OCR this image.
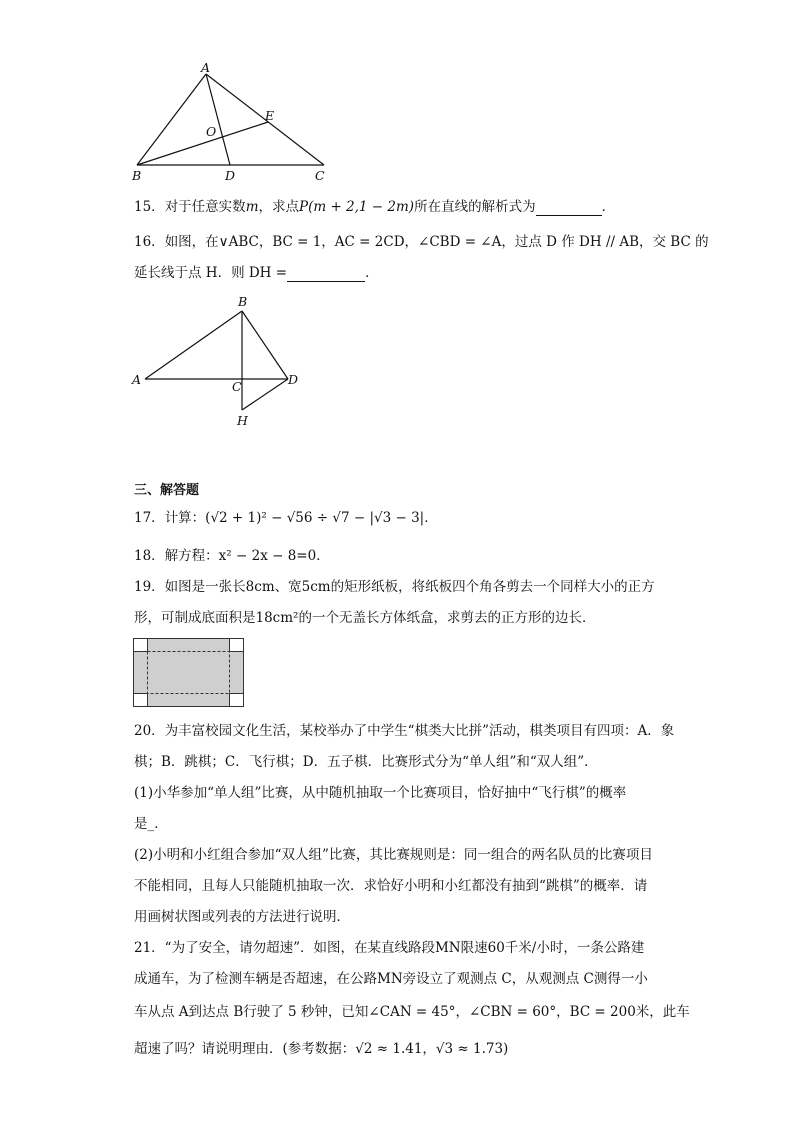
A
B	C
D
E
O
15．对于任意实数m，求点P(m + 2,1 − 2m)所在直线的解析式为	．
16．如图，在∨ABC，BC = 1，AC = 2CD，∠CBD = ∠A，过点 D 作 DH // AB，交 BC 的
延长线于点 H．则 DH =	．
B
A	C	D
H
三、解答题
17．计算：(√2 + 1)² − √56 ÷ √7 − |√3 − 3|．
18．解方程：x² − 2x − 8=0．
19．如图是一张长8cm、宽5cm的矩形纸板，将纸板四个角各剪去一个同样大小的正方
形，可制成底面积是18cm²的一个无盖长方体纸盒，求剪去的正方形的边长．
20．为丰富校园文化生活，某校举办了中学生“棋类大比拼”活动，棋类项目有四项：A．象
棋；B．跳棋；C．飞行棋；D．五子棋．比赛形式分为“单人组”和“双人组”．
(1)小华参加“单人组”比赛，从中随机抽取一个比赛项目，恰好抽中“飞行棋”的概率
是_．
(2)小明和小红组合参加“双人组”比赛，其比赛规则是：同一组合的两名队员的比赛项目
不能相同，且每人只能随机抽取一次．求恰好小明和小红都没有抽到“跳棋”的概率．请
用画树状图或列表的方法进行说明．
21．“为了安全，请勿超速”．如图，在某直线路段MN限速60千米/小时，一条公路建
成通车，为了检测车辆是否超速，在公路MN旁设立了观测点 C，从观测点 C测得一小
车从点 A到达点 B行驶了 5 秒钟，已知∠CAN = 45°，∠CBN = 60°，BC = 200米，此车
超速了吗？请说明理由．(参考数据：√2 ≈ 1.41，√3 ≈ 1.73)
